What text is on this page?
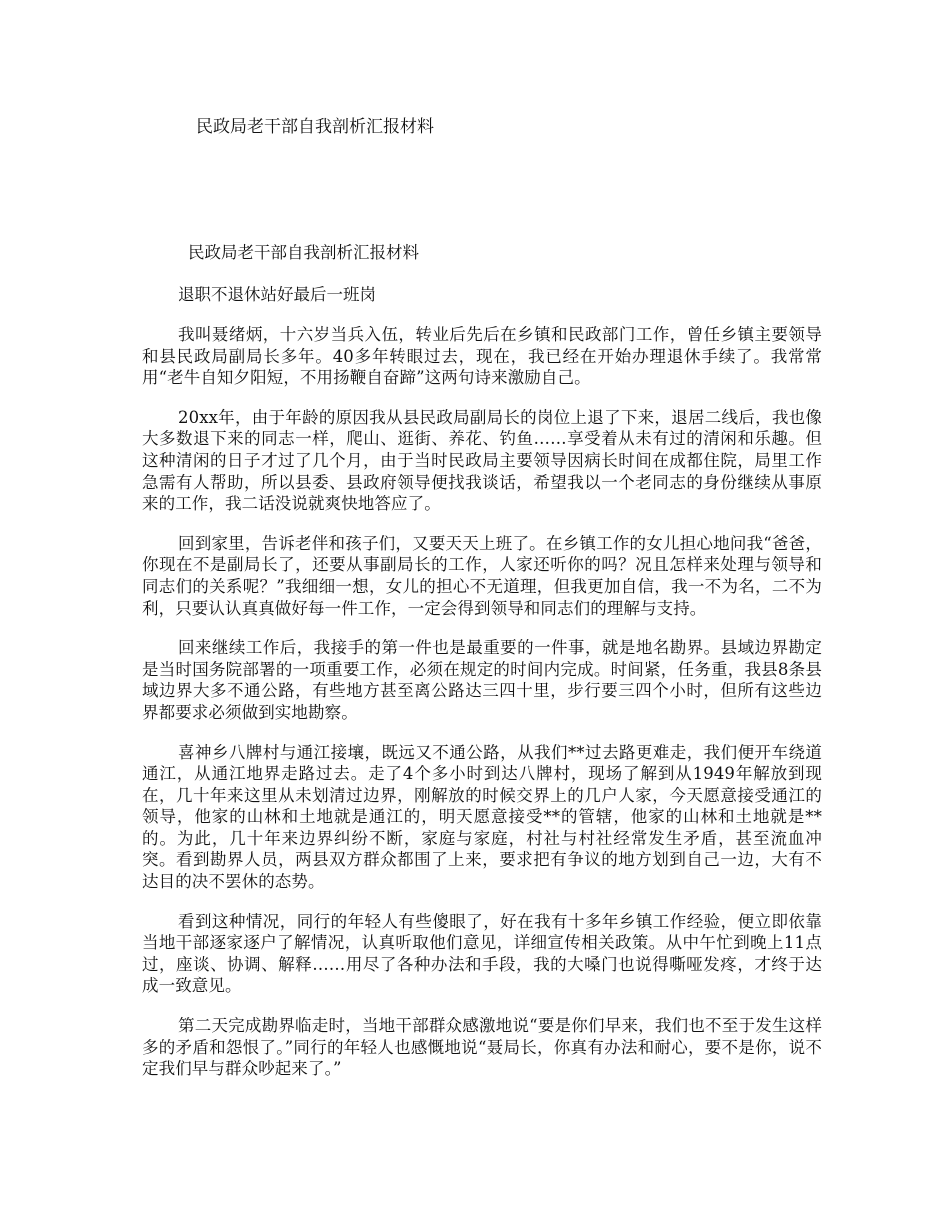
民政局老干部自我剖析汇报材料
民政局老干部自我剖析汇报材料
退职不退休站好最后一班岗

我叫聂绪炳，十六岁当兵入伍，转业后先后在乡镇和民政部门工作，曾任乡镇主要领导和县民政局副局长多年。40多年转眼过去，现在，我已经在开始办理退休手续了。我常常用“老牛自知夕阳短，不用扬鞭自奋蹄”这两句诗来激励自己。

20xx年，由于年龄的原因我从县民政局副局长的岗位上退了下来，退居二线后，我也像大多数退下来的同志一样，爬山、逛街、养花、钓鱼……享受着从未有过的清闲和乐趣。但这种清闲的日子才过了几个月，由于当时民政局主要领导因病长时间在成都住院，局里工作急需有人帮助，所以县委、县政府领导便找我谈话，希望我以一个老同志的身份继续从事原来的工作，我二话没说就爽快地答应了。

回到家里，告诉老伴和孩子们，又要天天上班了。在乡镇工作的女儿担心地问我“爸爸，你现在不是副局长了，还要从事副局长的工作，人家还听你的吗？况且怎样来处理与领导和同志们的关系呢？”我细细一想，女儿的担心不无道理，但我更加自信，我一不为名，二不为利，只要认认真真做好每一件工作，一定会得到领导和同志们的理解与支持。

回来继续工作后，我接手的第一件也是最重要的一件事，就是地名勘界。县域边界勘定是当时国务院部署的一项重要工作，必须在规定的时间内完成。时间紧，任务重，我县8条县域边界大多不通公路，有些地方甚至离公路达三四十里，步行要三四个小时，但所有这些边界都要求必须做到实地勘察。

喜神乡八牌村与通江接壤，既远又不通公路，从我们**过去路更难走，我们便开车绕道通江，从通江地界走路过去。走了4个多小时到达八牌村，现场了解到从1949年解放到现在，几十年来这里从未划清过边界，刚解放的时候交界上的几户人家，今天愿意接受通江的领导，他家的山林和土地就是通江的，明天愿意接受**的管辖，他家的山林和土地就是**的。为此，几十年来边界纠纷不断，家庭与家庭，村社与村社经常发生矛盾，甚至流血冲突。看到勘界人员，两县双方群众都围了上来，要求把有争议的地方划到自己一边，大有不达目的决不罢休的态势。

看到这种情况，同行的年轻人有些傻眼了，好在我有十多年乡镇工作经验，便立即依靠当地干部逐家逐户了解情况，认真听取他们意见，详细宣传相关政策。从中午忙到晚上11点过，座谈、协调、解释……用尽了各种办法和手段，我的大嗓门也说得嘶哑发疼，才终于达成一致意见。

第二天完成勘界临走时，当地干部群众感激地说“要是你们早来，我们也不至于发生这样多的矛盾和怨恨了。”同行的年轻人也感慨地说“聂局长，你真有办法和耐心，要不是你，说不定我们早与群众吵起来了。”
